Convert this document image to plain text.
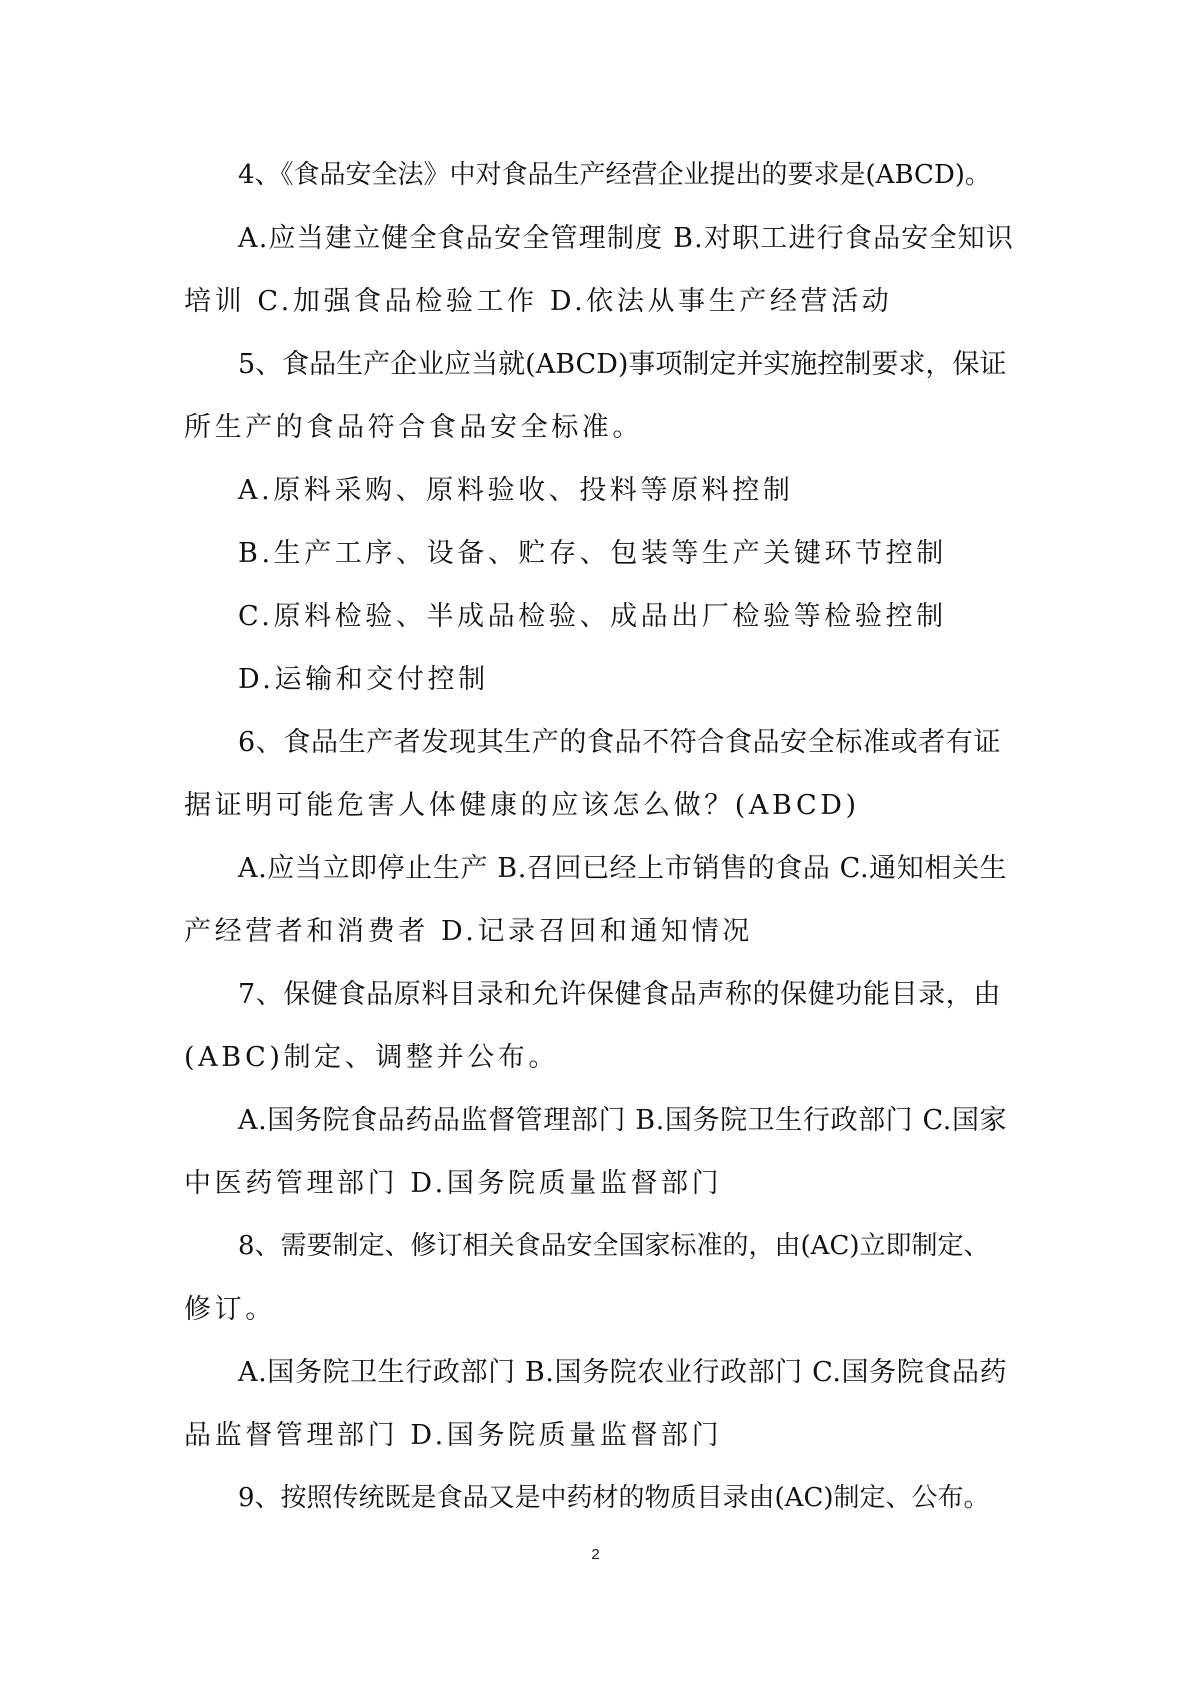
4、《食品安全法》中对食品生产经营企业提出的要求是(ABCD)。
A.应当建立健全食品安全管理制度 B.对职工进行食品安全知识
培训 C.加强食品检验工作 D.依法从事生产经营活动
5、食品生产企业应当就(ABCD)事项制定并实施控制要求，保证
所生产的食品符合食品安全标准。
A.原料采购、原料验收、投料等原料控制
B.生产工序、设备、贮存、包装等生产关键环节控制
C.原料检验、半成品检验、成品出厂检验等检验控制
D.运输和交付控制
6、食品生产者发现其生产的食品不符合食品安全标准或者有证
据证明可能危害人体健康的应该怎么做？(ABCD)
A.应当立即停止生产 B.召回已经上市销售的食品 C.通知相关生
产经营者和消费者 D.记录召回和通知情况
7、保健食品原料目录和允许保健食品声称的保健功能目录，由
(ABC)制定、调整并公布。
A.国务院食品药品监督管理部门 B.国务院卫生行政部门 C.国家
中医药管理部门 D.国务院质量监督部门
8、需要制定、修订相关食品安全国家标准的，由(AC)立即制定、
修订。
A.国务院卫生行政部门 B.国务院农业行政部门 C.国务院食品药
品监督管理部门 D.国务院质量监督部门
9、按照传统既是食品又是中药材的物质目录由(AC)制定、公布。
2
